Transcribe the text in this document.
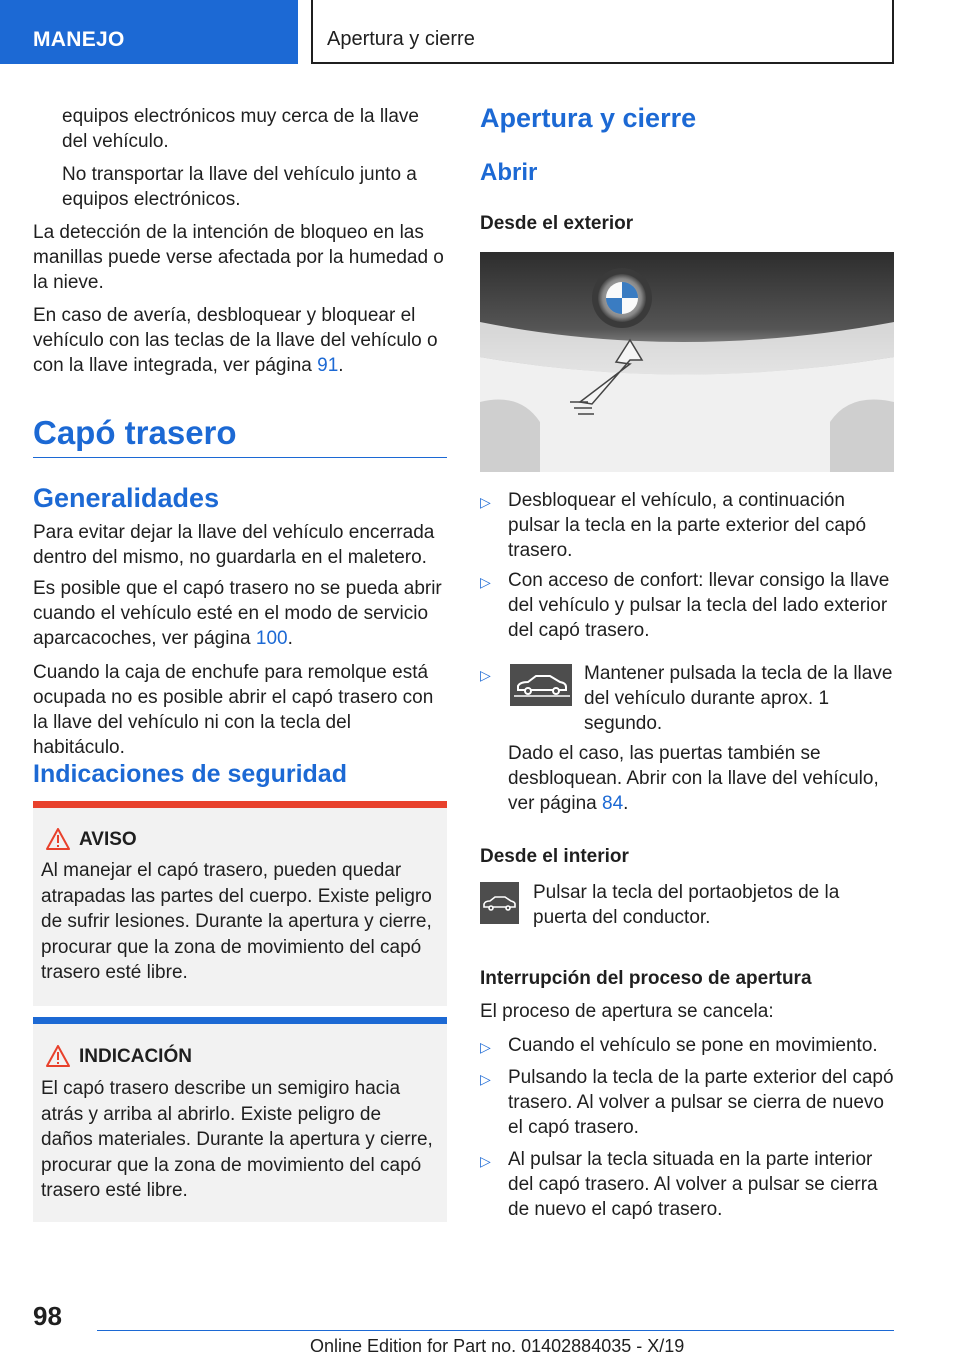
MANEJO	Apertura y cierre

equipos electrónicos muy cerca de la llave del vehículo.

No transportar la llave del vehículo junto a equipos electrónicos.

La detección de la intención de bloqueo en las manillas puede verse afectada por la humedad o la nieve.

En caso de avería, desbloquear y bloquear el vehículo con las teclas de la llave del vehículo o con la llave integrada, ver página 91.

Capó trasero
Generalidades

Para evitar dejar la llave del vehículo encerrada dentro del mismo, no guardarla en el maletero.

Es posible que el capó trasero no se pueda abrir cuando el vehículo esté en el modo de servicio aparcacoches, ver página 100.

Cuando la caja de enchufe para remolque está ocupada no es posible abrir el capó trasero con la llave del vehículo ni con la tecla del habitáculo.

Indicaciones de seguridad
AVISO
Al manejar el capó trasero, pueden quedar atrapadas las partes del cuerpo. Existe peligro de sufrir lesiones. Durante la apertura y cierre, procurar que la zona de movimiento del capó trasero esté libre.
INDICACIÓN
El capó trasero describe un semigiro hacia atrás y arriba al abrirlo. Existe peligro de daños materiales. Durante la apertura y cierre, procurar que la zona de movimiento del capó trasero esté libre.
Apertura y cierre
Abrir
Desde el exterior
▷ Desbloquear el vehículo, a continuación pulsar la tecla en la parte exterior del capó trasero.
▷ Con acceso de confort: llevar consigo la llave del vehículo y pulsar la tecla del lado exterior del capó trasero.
▷	Mantener pulsada la tecla de la llave del vehículo durante aprox. 1 segundo.

Dado el caso, las puertas también se desbloquean. Abrir con la llave del vehículo, ver página 84.

Desde el interior

Pulsar la tecla del portaobjetos de la puerta del conductor.

Interrupción del proceso de apertura

El proceso de apertura se cancela:

▷ Cuando el vehículo se pone en movimiento.
▷ Pulsando la tecla de la parte exterior del capó trasero. Al volver a pulsar se cierra de nuevo el capó trasero.
▷ Al pulsar la tecla situada en la parte interior del capó trasero. Al volver a pulsar se cierra de nuevo el capó trasero.
98
Online Edition for Part no. 01402884035 - X/19
